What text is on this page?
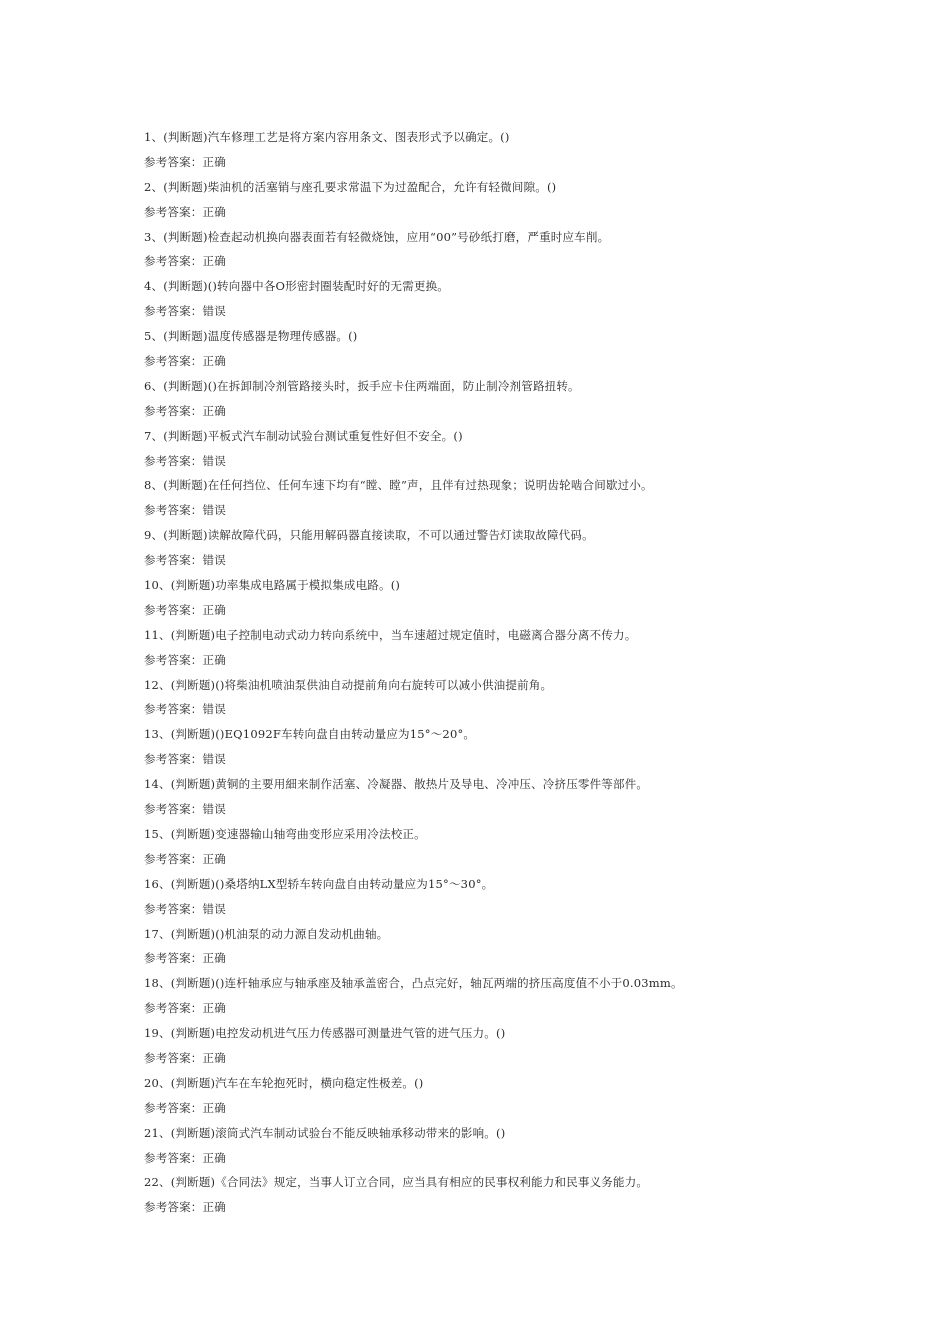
1、(判断题)汽车修理工艺是将方案内容用条文、图表形式予以确定。()
参考答案：正确
2、(判断题)柴油机的活塞销与座孔要求常温下为过盈配合，允许有轻微间隙。()
参考答案：正确
3、(判断题)检查起动机换向器表面若有轻微烧蚀，应用“00”号砂纸打磨，严重时应车削。
参考答案：正确
4、(判断题)()转向器中各O形密封圈装配时好的无需更换。
参考答案：错误
5、(判断题)温度传感器是物理传感器。()
参考答案：正确
6、(判断题)()在拆卸制冷剂管路接头时，扳手应卡住两端面，防止制冷剂管路扭转。
参考答案：正确
7、(判断题)平板式汽车制动试验台测试重复性好但不安全。()
参考答案：错误
8、(判断题)在任何挡位、任何车速下均有“瞠、瞠”声，且伴有过热现象；说明齿轮啮合间歇过小。
参考答案：错误
9、(判断题)读解故障代码，只能用解码器直接读取，不可以通过警告灯读取故障代码。
参考答案：错误
10、(判断题)功率集成电路属于模拟集成电路。()
参考答案：正确
11、(判断题)电子控制电动式动力转向系统中，当车速超过规定值时，电磁离合器分离不传力。
参考答案：正确
12、(判断题)()将柴油机喷油泵供油自动提前角向右旋转可以减小供油提前角。
参考答案：错误
13、(判断题)()EQ1092F车转向盘自由转动量应为15°～20°。
参考答案：错误
14、(判断题)黄铜的主要用細来制作活塞、冷凝器、散热片及导电、冷冲压、冷挤压零件等部件。
参考答案：错误
15、(判断题)变速器输山轴弯曲变形应采用冷法校正。
参考答案：正确
16、(判断题)()桑塔纳LX型轿车转向盘自由转动量应为15°～30°。
参考答案：错误
17、(判断题)()机油泵的动力源自发动机曲轴。
参考答案：正确
18、(判断题)()连杆轴承应与轴承座及轴承盖密合，凸点完好，轴瓦两端的挤压高度值不小于0.03mm。
参考答案：正确
19、(判断题)电控发动机进气压力传感器可测量进气管的进气压力。()
参考答案：正确
20、(判断题)汽车在车轮抱死时，横向稳定性极差。()
参考答案：正确
21、(判断题)滚筒式汽车制动试验台不能反映轴承移动带来的影响。()
参考答案：正确
22、(判断题)《合同法》规定，当事人订立合同，应当具有相应的民事权利能力和民事义务能力。
参考答案：正确
